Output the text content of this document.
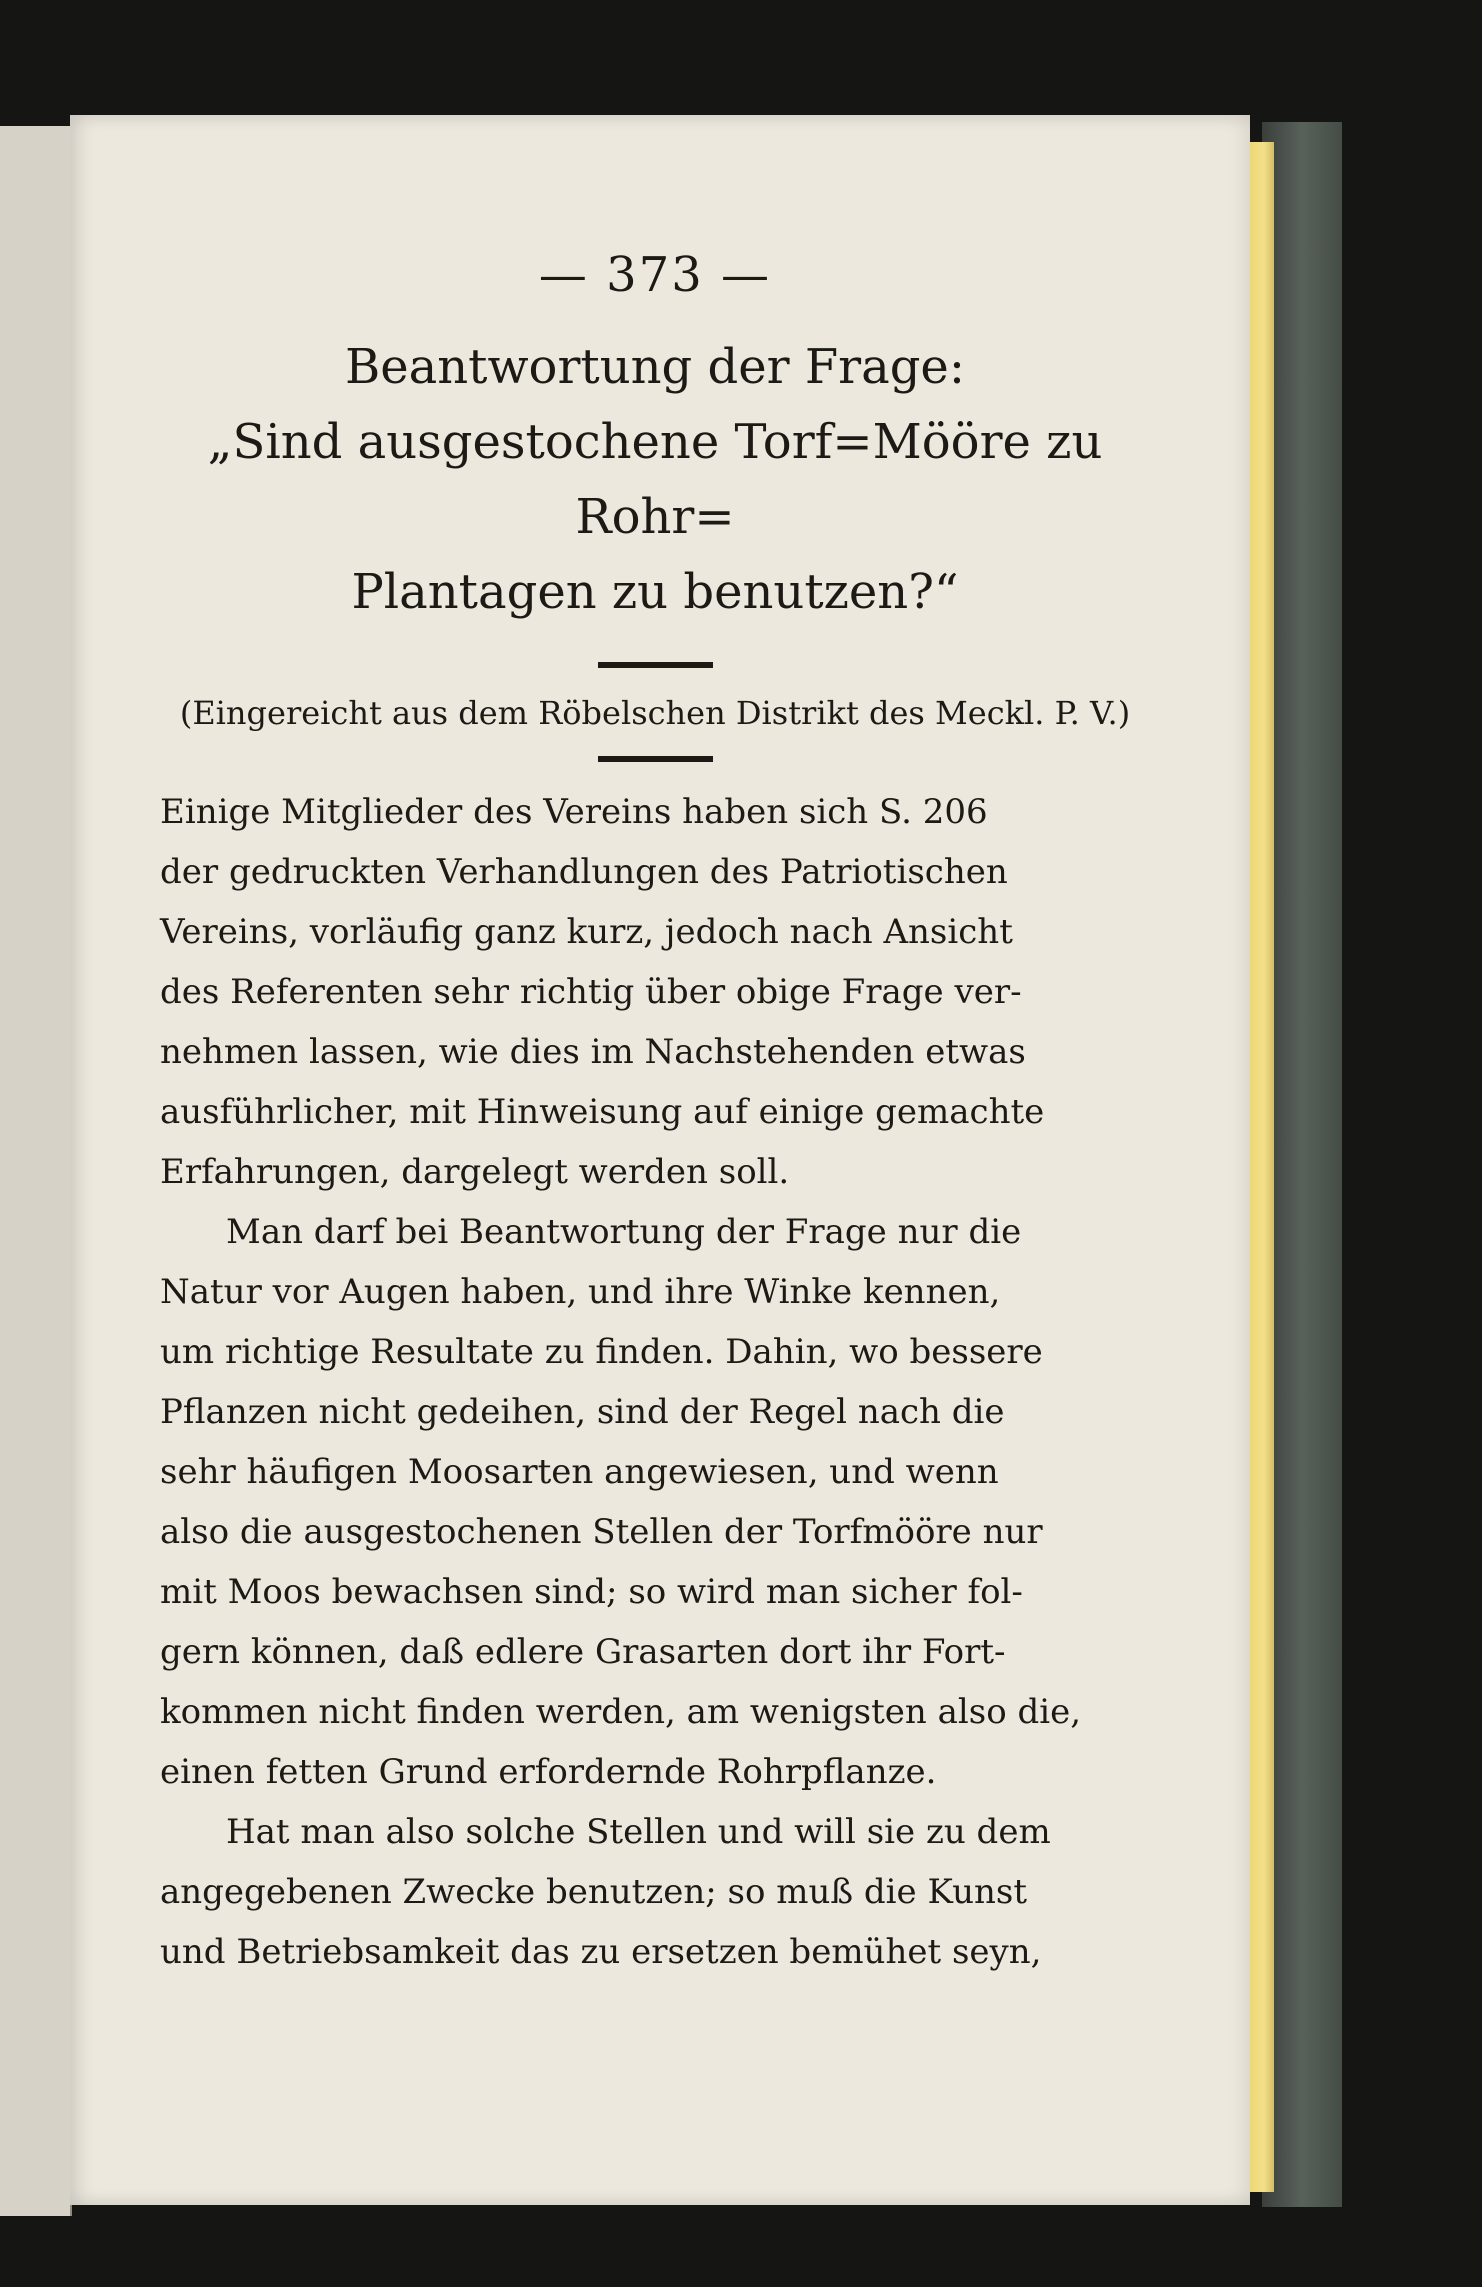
— 373 —
Beantwortung der Frage:
„Sind ausgestochene Torf=Mööre zu Rohr=
Plantagen zu benutzen?“
(Eingereicht aus dem Röbelschen Distrikt des Meckl. P. V.)
Einige Mitglieder des Vereins haben sich S. 206
der gedruckten Verhandlungen des Patriotischen
Vereins, vorläufig ganz kurz, jedoch nach Ansicht
des Referenten sehr richtig über obige Frage ver‑
nehmen lassen, wie dies im Nachstehenden etwas
ausführlicher, mit Hinweisung auf einige gemachte
Erfahrungen, dargelegt werden soll.
Man darf bei Beantwortung der Frage nur die
Natur vor Augen haben, und ihre Winke kennen,
um richtige Resultate zu finden. Dahin, wo bessere
Pflanzen nicht gedeihen, sind der Regel nach die
sehr häufigen Moosarten angewiesen, und wenn
also die ausgestochenen Stellen der Torfmööre nur
mit Moos bewachsen sind; so wird man sicher fol‑
gern können, daß edlere Grasarten dort ihr Fort‑
kommen nicht finden werden, am wenigsten also die,
einen fetten Grund erfordernde Rohrpflanze.
Hat man also solche Stellen und will sie zu dem
angegebenen Zwecke benutzen; so muß die Kunst
und Betriebsamkeit das zu ersetzen bemühet seyn,
